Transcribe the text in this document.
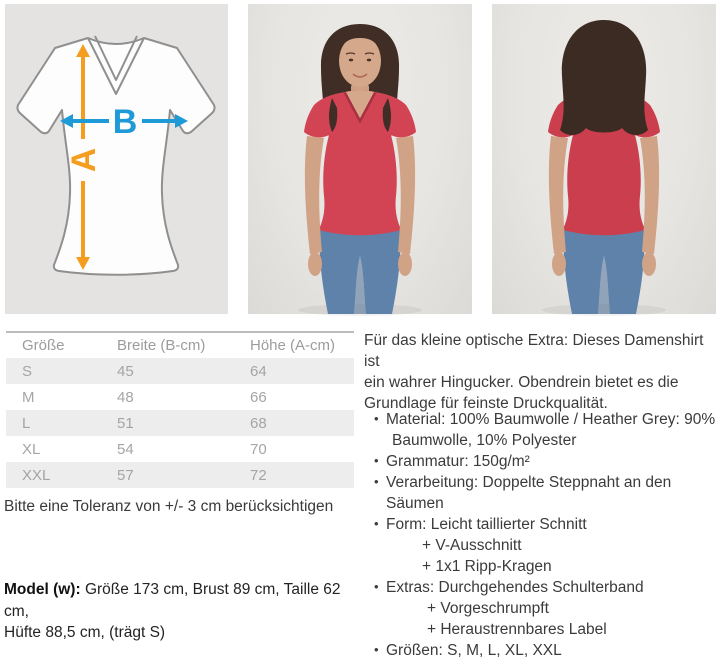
A
B
Größe	Breite (B-cm)	Höhe (A-cm)
S	45	64
M	48	66
L	51	68
XL	54	70
XXL	57	72
Bitte eine Toleranz von +/- 3 cm berücksichtigen
Model (w): Größe 173 cm, Brust 89 cm, Taille 62 cm,
Hüfte 88,5 cm, (trägt S)
Für das kleine optische Extra: Dieses Damenshirt ist
ein wahrer Hingucker. Obendrein bietet es die
Grundlage für feinste Druckqualität.
• Material: 100% Baumwolle / Heather Grey: 90%
Baumwolle, 10% Polyester
• Grammatur: 150g/m²
• Verarbeitung: Doppelte Steppnaht an den Säumen
• Form: Leicht taillierter Schnitt
+ V-Ausschnitt
+ 1x1 Ripp-Kragen
• Extras: Durchgehendes Schulterband
+ Vorgeschrumpft
+ Heraustrennbares Label
• Größen: S, M, L, XL, XXL
